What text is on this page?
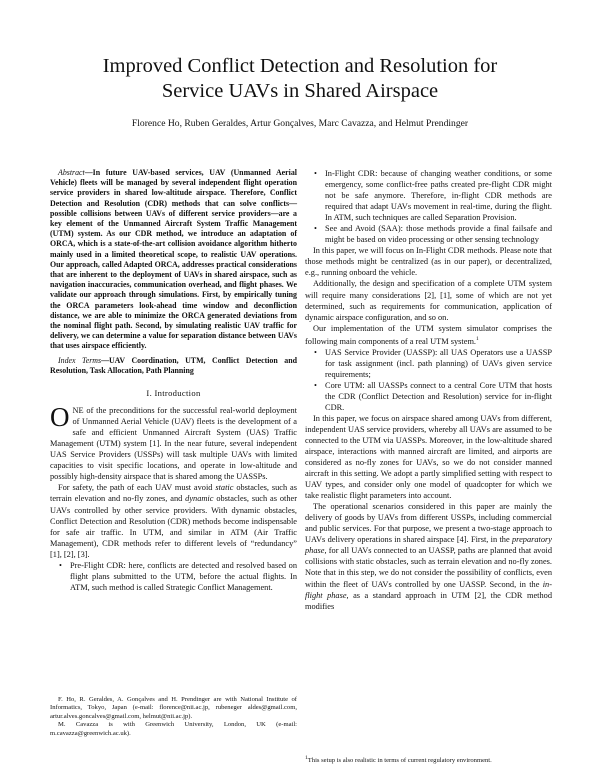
Improved Conflict Detection and Resolution for
Service UAVs in Shared Airspace
Florence Ho, Ruben Geraldes, Artur Gonçalves, Marc Cavazza, and Helmut Prendinger

Abstract—In future UAV-based services, UAV (Unmanned Aerial Vehicle) fleets will be managed by several independent flight operation service providers in shared low-altitude airspace. Therefore, Conflict Detection and Resolution (CDR) methods that can solve conflicts—possible collisions between UAVs of different service providers—are a key element of the Unmanned Aircraft System Traffic Management (UTM) system. As our CDR method, we introduce an adaptation of ORCA, which is a state-of-the-art collision avoidance algorithm hitherto mainly used in a limited theoretical scope, to realistic UAV operations. Our approach, called Adapted ORCA, addresses practical considerations that are inherent to the deployment of UAVs in shared airspace, such as navigation inaccuracies, communication overhead, and flight phases. We validate our approach through simulations. First, by empirically tuning the ORCA parameters look-ahead time window and deconfliction distance, we are able to minimize the ORCA generated deviations from the nominal flight path. Second, by simulating realistic UAV traffic for delivery, we can determine a value for separation distance between UAVs that uses airspace efficiently.

Index Terms—UAV Coordination, UTM, Conflict Detection and Resolution, Task Allocation, Path Planning

I. Introduction

ONE of the preconditions for the successful real-world deployment of Unmanned Aerial Vehicle (UAV) fleets is the development of a safe and efficient Unmanned Aircraft System (UAS) Traffic Management (UTM) system [1]. In the near future, several independent UAS Service Providers (USSPs) will task multiple UAVs with limited capacities to visit specific locations, and operate in low-altitude and possibly high-density airspace that is shared among the UASSPs.

For safety, the path of each UAV must avoid static obstacles, such as terrain elevation and no-fly zones, and dynamic obstacles, such as other UAVs controlled by other service providers. With dynamic obstacles, Conflict Detection and Resolution (CDR) methods become indispensable for safe air traffic. In UTM, and similar in ATM (Air Traffic Management), CDR methods refer to different levels of “redundancy” [1], [2], [3].

• Pre-Flight CDR: here, conflicts are detected and resolved based on flight plans submitted to the UTM, before the actual flights. In ATM, such method is called Strategic Conflict Management.

F. Ho, R. Geraldes, A. Gonçalves and H. Prendinger are with National Institute of Informatics, Tokyo, Japan (e-mail: florence@nii.ac.jp, rubeneger aldes@gmail.com, artur.alves.goncalves@gmail.com, helmut@nii.ac.jp).

M. Cavazza is with Greenwich University, London, UK (e-mail: m.cavazza@greenwich.ac.uk).

• In-Flight CDR: because of changing weather conditions, or some emergency, some conflict-free paths created pre-flight CDR might not be safe anymore. Therefore, in-flight CDR methods are required that adapt UAVs movement in real-time, during the flight. In ATM, such techniques are called Separation Provision.
• See and Avoid (SAA): those methods provide a final failsafe and might be based on video processing or other sensing technology

In this paper, we will focus on In-Flight CDR methods. Please note that those methods might be centralized (as in our paper), or decentralized, e.g., running onboard the vehicle.

Additionally, the design and specification of a complete UTM system will require many considerations [2], [1], some of which are not yet determined, such as requirements for communication, application of dynamic airspace configuration, and so on.

Our implementation of the UTM system simulator comprises the following main components of a real UTM system.$^1$

• UAS Service Provider (UASSP): all UAS Operators use a UASSP for task assignment (incl. path planning) of UAVs given service requirements;
• Core UTM: all UASSPs connect to a central Core UTM that hosts the CDR (Conflict Detection and Resolution) service for in-flight CDR.

In this paper, we focus on airspace shared among UAVs from different, independent UAS service providers, whereby all UAVs are assumed to be connected to the UTM via UASSPs. Moreover, in the low-altitude shared airspace, interactions with manned aircraft are limited, and airports are considered as no-fly zones for UAVs, so we do not consider manned aircraft in this setting. We adopt a partly simplified setting with respect to UAV types, and consider only one model of quadcopter for which we take realistic flight parameters into account.

The operational scenarios considered in this paper are mainly the delivery of goods by UAVs from different USSPs, including commercial and public services. For that purpose, we present a two-stage approach to UAVs delivery operations in shared airspace [4]. First, in the preparatory phase, for all UAVs connected to an UASSP, paths are planned that avoid collisions with static obstacles, such as terrain elevation and no-fly zones. Note that in this step, we do not consider the possibility of conflicts, even within the fleet of UAVs controlled by one UASSP. Second, in the in-flight phase, as a standard approach in UTM [2], the CDR method modifies

$^1$This setup is also realistic in terms of current regulatory environment.
